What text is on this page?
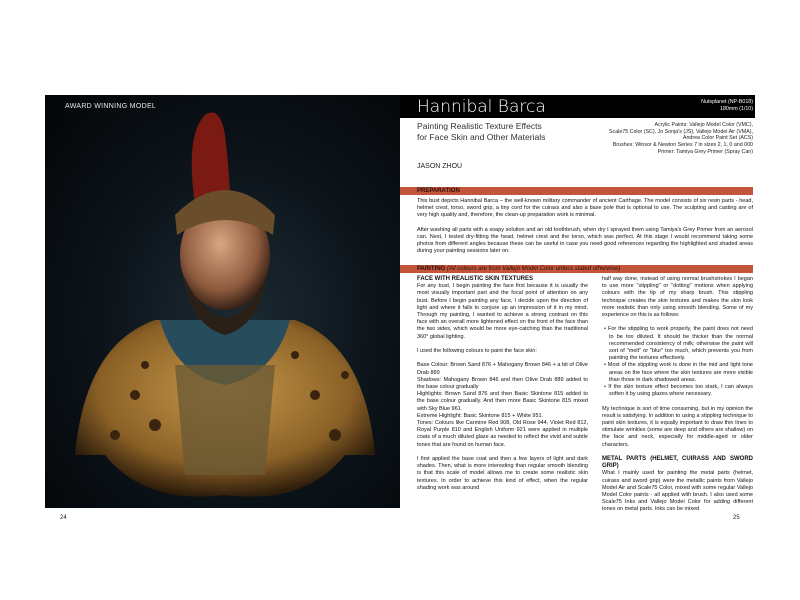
AWARD WINNING MODEL
24
Hannibal Barca	Nutsplanet (NP-B018)
180mm (1/10)
Painting Realistic Texture Effects
for Face Skin and Other Materials
Acrylic Paints: Vallejo Model Color (VMC),
Scale75 Color (SC), Jo Sonja's (JS), Vallejo Model Air (VMA),
Andrea Color Paint Set (ACS)
Brushes: Winsor & Newton Series 7 in sizes 2, 1, 0 and 000
Primer: Tamiya Grey Primer (Spray Can)
JASON ZHOU
PREPARATION

This bust depicts Hannibal Barca – the well-known military commander of ancient Carthage. The model consists of six resin parts - head, helmet crest, torso, sword grip, a tiny cord for the cuirass and also a base pole that is optional to use. The sculpting and casting are of very high quality and, therefore, the clean-up preparation work is minimal.

After washing all parts with a soapy solution and an old toothbrush, when dry I sprayed them using Tamiya's Grey Primer from an aerosol can. Next, I tested dry-fitting the head, helmet crest and the torso, which was perfect. At this stage I would recommend taking some photos from different angles because these can be useful in case you need good references regarding the highlighted and shaded areas during your painting sessions later on.

PAINTING (All colours are from Vallejo Model Color unless stated otherwise)
FACE WITH REALISTIC SKIN TEXTURES

For any bust, I begin painting the face first because it is usually the most visually important part and the focal point of attention on any bust. Before I begin painting any face, I decide upon the direction of light and where it falls to conjure up an impression of it in my mind. Through my painting, I wanted to achieve a strong contrast on this face with an overall more lightened effect on the front of the face than the two sides, which would be more eye-catching than the traditional 360° global lighting.

I used the following colours to paint the face skin:

Base Colour: Brown Sand 876 + Mahogany Brown 846 + a bit of Olive Drab 889
Shadows: Mahogany Brown 846 and then Olive Drab 889 added to the base colour gradually
Highlights: Brown Sand 876 and then Basic Skintone 815 added to the base colour gradually. And then more Basic Skintone 815 mixed with Sky Blue 961.
Extreme Highlight: Basic Skintone 815 + White 951.

Tones: Colours like Carmine Red 908, Old Rose 944, Violet Red 812, Royal Purple 810 and English Uniform 921 were applied in multiple coats of a much diluted glaze as needed to reflect the vivid and subtle tones that are found on human face.

I first applied the base coat and then a few layers of light and dark shades. Then, what is more interesting than regular smooth blending is that this scale of model allows me to create some realistic skin textures. In order to achieve this kind of effect, when the regular shading work was around

half way done, instead of using normal brushstrokes I began to use more "stippling" or "dotting" motions when applying colours with the tip of my sharp brush. This stippling technique creates the skin textures and makes the skin look more realistic than only using smooth blending. Some of my experience on this is as follows:

• For the stippling to work properly, the paint does not need to be too diluted. It should be thicker than the normal recommended consistency of milk; otherwise the paint will sort of "melt" or "blur" too much, which prevents you from painting the textures effectively.
• Most of the stippling work is done in the mid and light tone areas on the face where the skin textures are more visible than those in dark shadowed areas.
• If the skin texture effect becomes too stark, I can always soften it by using glazes where necessary.

My technique is sort of time consuming, but in my opinion the result is satisfying. In addition to using a stippling technique to paint skin textures, it is equally important to draw thin lines to stimulate wrinkles (some are deep and others are shallow) on the face and neck, especially for middle-aged or older characters.

METAL PARTS (HELMET, CUIRASS AND SWORD GRIP)

What I mainly used for painting the metal parts (helmet, cuirass and sword grip) were the metallic paints from Vallejo Model Air and Scale75 Color, mixed with some regular Vallejo Model Color paints - all applied with brush. I also used some Scale75 Inks and Vallejo Model Color for adding different tones on metal parts. Inks can be mixed

25
